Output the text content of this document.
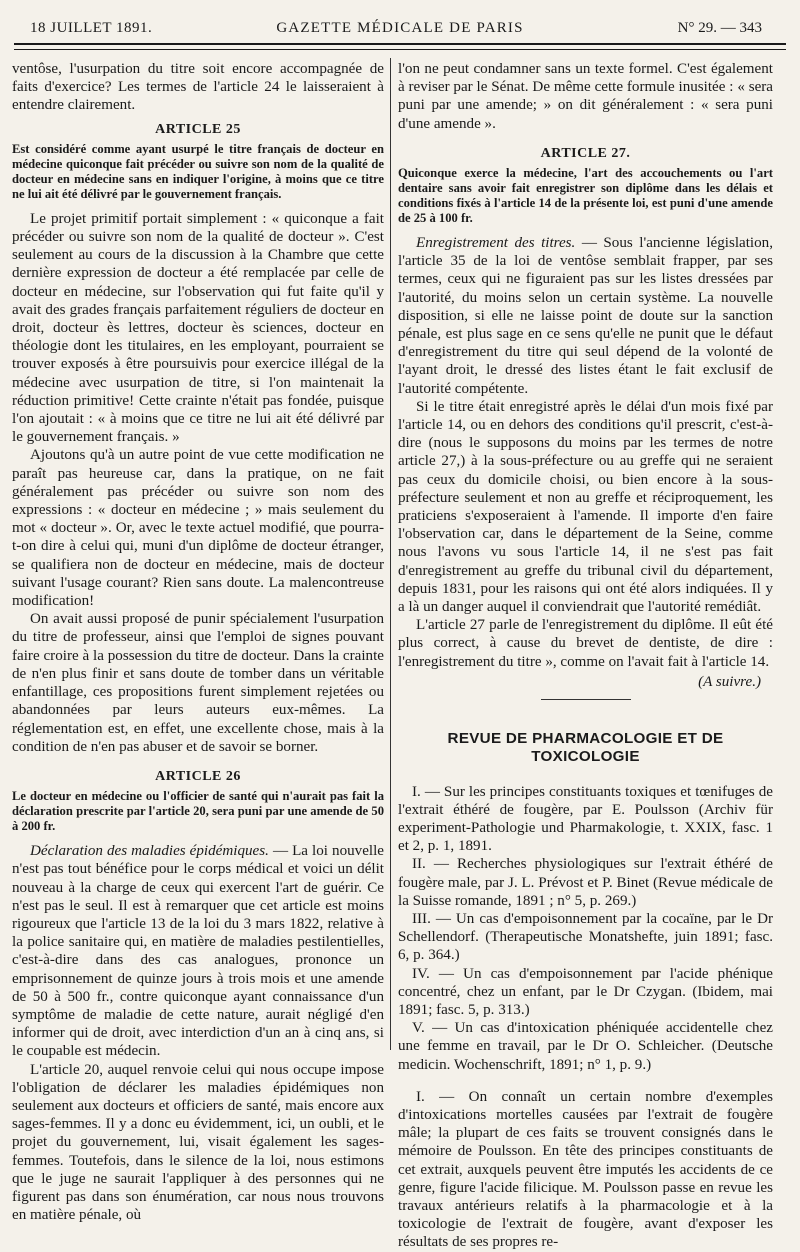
18 JUILLET 1891.	GAZETTE MÉDICALE DE PARIS	N° 29. — 343

ventôse, l'usurpation du titre soit encore accompagnée de faits d'exercice? Les termes de l'article 24 le laisseraient à entendre clairement.

ARTICLE 25
Est considéré comme ayant usurpé le titre français de docteur en médecine quiconque fait précéder ou suivre son nom de la qualité de docteur en médecine sans en indiquer l'origine, à moins que ce titre ne lui ait été délivré par le gouvernement français.

Le projet primitif portait simplement : « quiconque a fait précéder ou suivre son nom de la qualité de docteur ». C'est seulement au cours de la discussion à la Chambre que cette dernière expression de docteur a été remplacée par celle de docteur en médecine, sur l'observation qui fut faite qu'il y avait des grades français parfaitement réguliers de docteur en droit, docteur ès lettres, docteur ès sciences, docteur en théologie dont les titulaires, en les employant, pourraient se trouver exposés à être poursuivis pour exercice illégal de la médecine avec usurpation de titre, si l'on maintenait la réduction primitive! Cette crainte n'était pas fondée, puisque l'on ajoutait : « à moins que ce titre ne lui ait été délivré par le gouvernement français. »

Ajoutons qu'à un autre point de vue cette modification ne paraît pas heureuse car, dans la pratique, on ne fait généralement pas précéder ou suivre son nom des expressions : « docteur en médecine ; » mais seulement du mot « docteur ». Or, avec le texte actuel modifié, que pourra-t-on dire à celui qui, muni d'un diplôme de docteur étranger, se qualifiera non de docteur en médecine, mais de docteur suivant l'usage courant? Rien sans doute. La malencontreuse modification!

On avait aussi proposé de punir spécialement l'usurpation du titre de professeur, ainsi que l'emploi de signes pouvant faire croire à la possession du titre de docteur. Dans la crainte de n'en plus finir et sans doute de tomber dans un véritable enfantillage, ces propositions furent simplement rejetées ou abandonnées par leurs auteurs eux-mêmes. La réglementation est, en effet, une excellente chose, mais à la condition de n'en pas abuser et de savoir se borner.

ARTICLE 26
Le docteur en médecine ou l'officier de santé qui n'aurait pas fait la déclaration prescrite par l'article 20, sera puni par une amende de 50 à 200 fr.

Déclaration des maladies épidémiques. — La loi nouvelle n'est pas tout bénéfice pour le corps médical et voici un délit nouveau à la charge de ceux qui exercent l'art de guérir. Ce n'est pas le seul. Il est à remarquer que cet article est moins rigoureux que l'article 13 de la loi du 3 mars 1822, relative à la police sanitaire qui, en matière de maladies pestilentielles, c'est-à-dire dans des cas analogues, prononce un emprisonnement de quinze jours à trois mois et une amende de 50 à 500 fr., contre quiconque ayant connaissance d'un symptôme de maladie de cette nature, aurait négligé d'en informer qui de droit, avec interdiction d'un an à cinq ans, si le coupable est médecin.

L'article 20, auquel renvoie celui qui nous occupe impose l'obligation de déclarer les maladies épidémiques non seulement aux docteurs et officiers de santé, mais encore aux sages-femmes. Il y a donc eu évidemment, ici, un oubli, et le projet du gouvernement, lui, visait également les sages-femmes. Toutefois, dans le silence de la loi, nous estimons que le juge ne saurait l'appliquer à des personnes qui ne figurent pas dans son énumération, car nous nous trouvons en matière pénale, où

l'on ne peut condamner sans un texte formel. C'est également à reviser par le Sénat. De même cette formule inusitée : « sera puni par une amende; » on dit généralement : « sera puni d'une amende ».

ARTICLE 27.
Quiconque exerce la médecine, l'art des accouchements ou l'art dentaire sans avoir fait enregistrer son diplôme dans les délais et conditions fixés à l'article 14 de la présente loi, est puni d'une amende de 25 à 100 fr.

Enregistrement des titres. — Sous l'ancienne législation, l'article 35 de la loi de ventôse semblait frapper, par ses termes, ceux qui ne figuraient pas sur les listes dressées par l'autorité, du moins selon un certain système. La nouvelle disposition, si elle ne laisse point de doute sur la sanction pénale, est plus sage en ce sens qu'elle ne punit que le défaut d'enregistrement du titre qui seul dépend de la volonté de l'ayant droit, le dressé des listes étant le fait exclusif de l'autorité compétente.

Si le titre était enregistré après le délai d'un mois fixé par l'article 14, ou en dehors des conditions qu'il prescrit, c'est-à-dire (nous le supposons du moins par les termes de notre article 27,) à la sous-préfecture ou au greffe qui ne seraient pas ceux du domicile choisi, ou bien encore à la sous-préfecture seulement et non au greffe et réciproquement, les praticiens s'exposeraient à l'amende. Il importe d'en faire l'observation car, dans le département de la Seine, comme nous l'avons vu sous l'article 14, il ne s'est pas fait d'enregistrement au greffe du tribunal civil du département, depuis 1831, pour les raisons qui ont été alors indiquées. Il y a là un danger auquel il conviendrait que l'autorité remédiât.

L'article 27 parle de l'enregistrement du diplôme. Il eût été plus correct, à cause du brevet de dentiste, de dire : l'enregistrement du titre », comme on l'avait fait à l'article 14.

(A suivre.)
REVUE DE PHARMACOLOGIE ET DE TOXICOLOGIE

I. — Sur les principes constituants toxiques et tœnifuges de l'extrait éthéré de fougère, par E. Poulsson (Archiv für experiment-Pathologie und Pharmakologie, t. XXIX, fasc. 1 et 2, p. 1, 1891.

II. — Recherches physiologiques sur l'extrait éthéré de fougère male, par J. L. Prévost et P. Binet (Revue médicale de la Suisse romande, 1891 ; n° 5, p. 269.)

III. — Un cas d'empoisonnement par la cocaïne, par le Dr Schellendorf. (Therapeutische Monatshefte, juin 1891; fasc. 6, p. 364.)

IV. — Un cas d'empoisonnement par l'acide phénique concentré, chez un enfant, par le Dr Czygan. (Ibidem, mai 1891; fasc. 5, p. 313.)

V. — Un cas d'intoxication phéniquée accidentelle chez une femme en travail, par le Dr O. Schleicher. (Deutsche medicin. Wochenschrift, 1891; n° 1, p. 9.)

I. — On connaît un certain nombre d'exemples d'intoxications mortelles causées par l'extrait de fougère mâle; la plupart de ces faits se trouvent consignés dans le mémoire de Poulsson. En tête des principes constituants de cet extrait, auxquels peuvent être imputés les accidents de ce genre, figure l'acide filicique. M. Poulsson passe en revue les travaux antérieurs relatifs à la pharmacologie et à la toxicologie de l'extrait de fougère, avant d'exposer les résultats de ses propres re-
